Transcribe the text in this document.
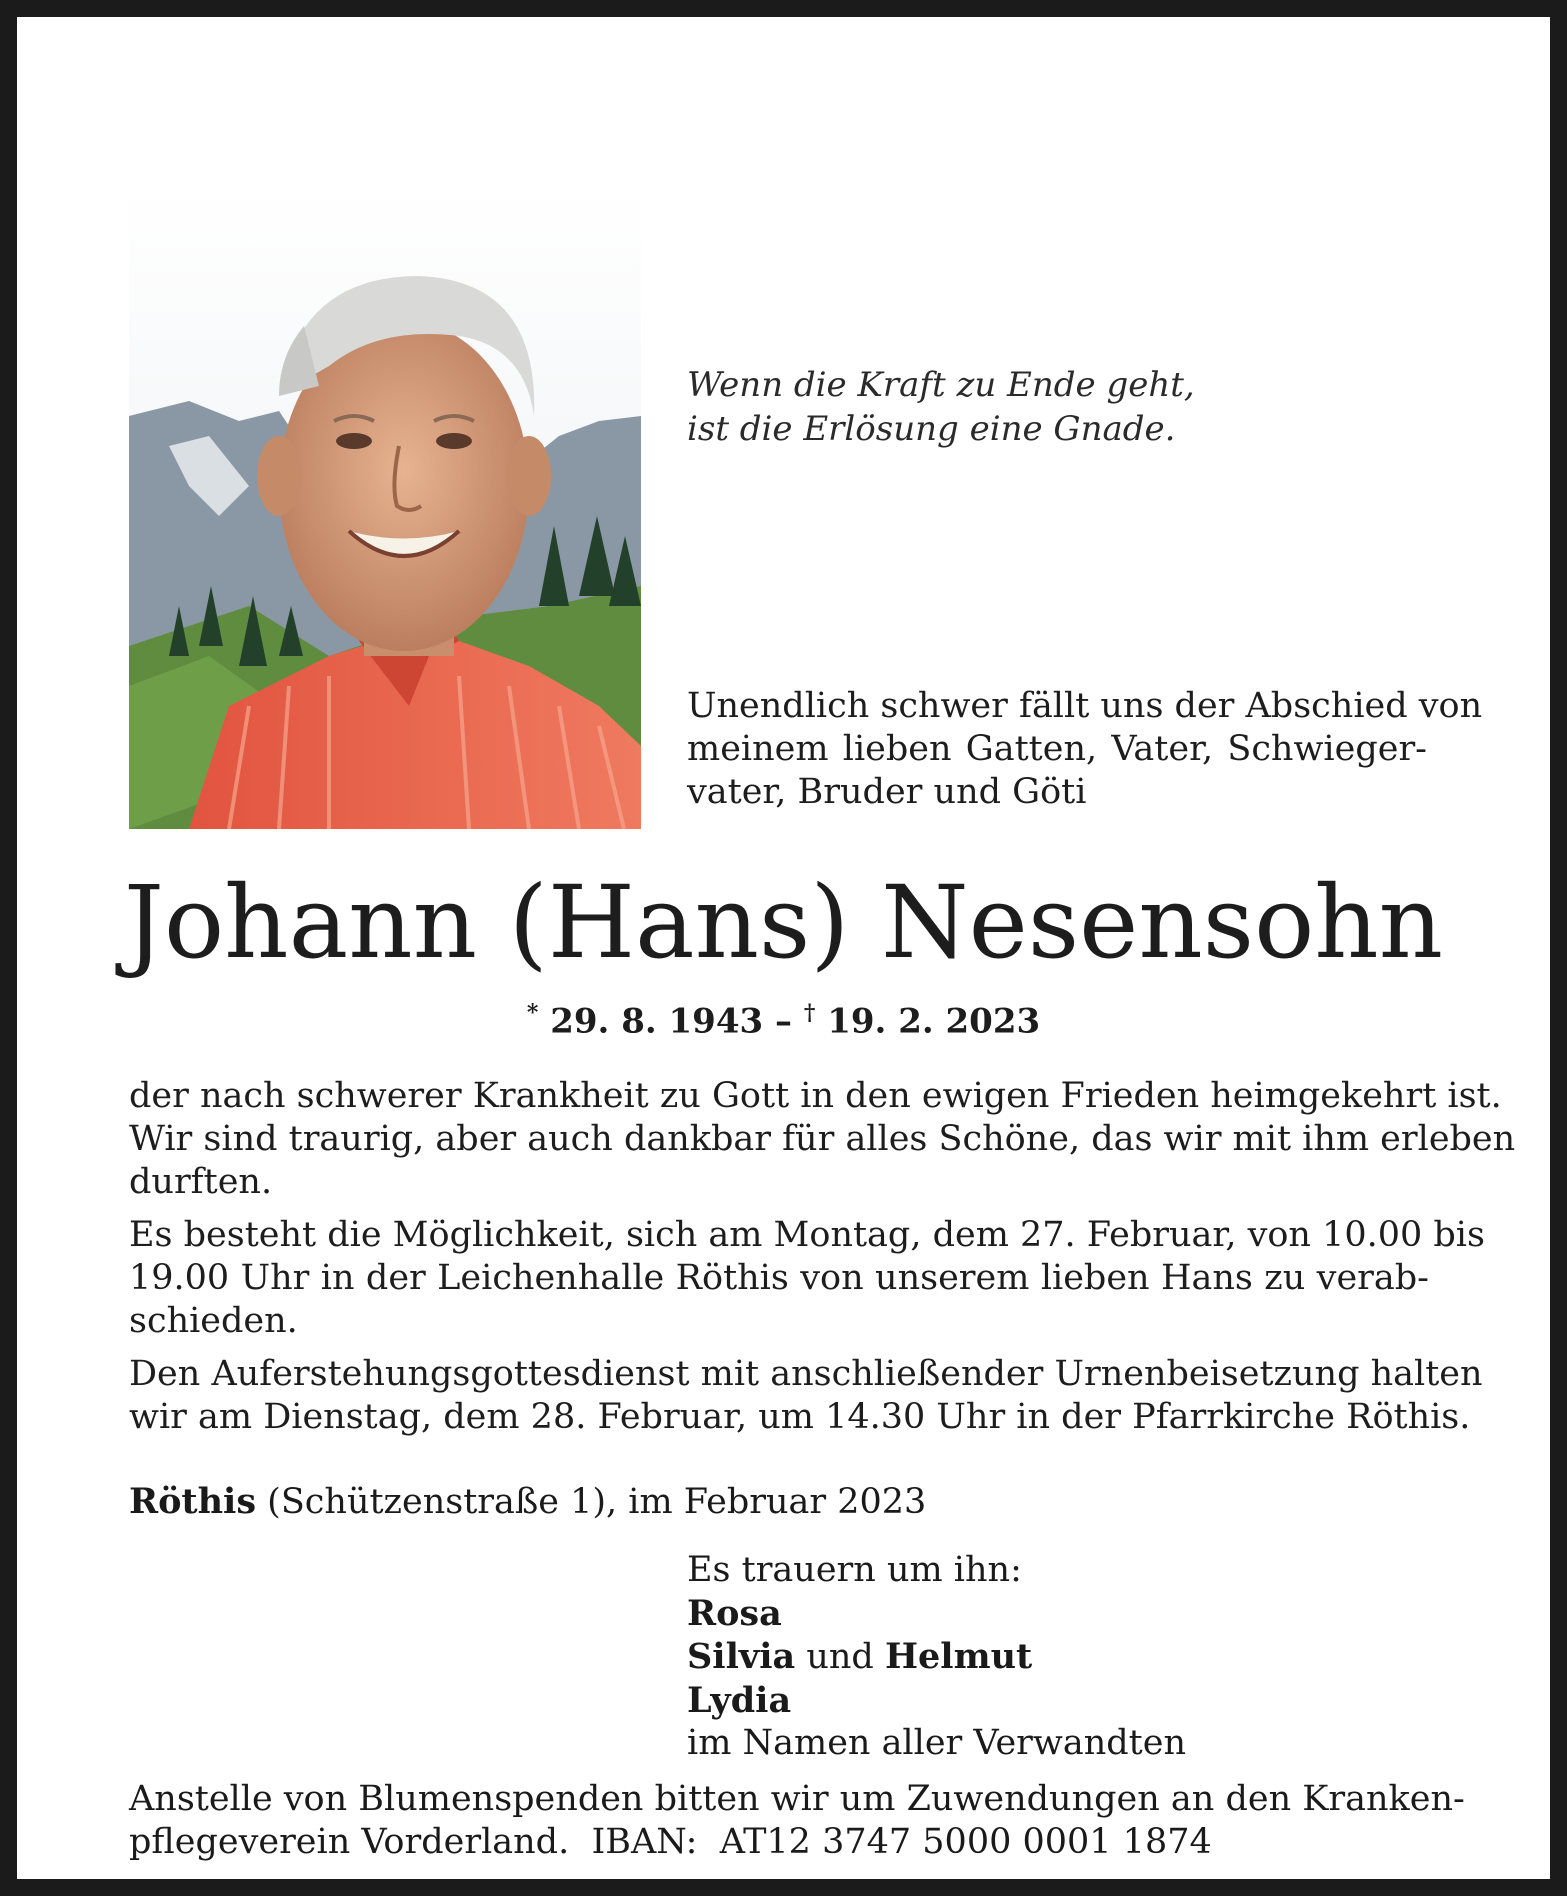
Wenn die Kraft zu Ende geht,
ist die Erlösung eine Gnade.
Unendlich schwer fällt uns der Abschied von
meinem lieben Gatten, Vater, Schwieger-
vater, Bruder und Göti
Johann (Hans) Nesensohn
* 29. 8. 1943 – † 19. 2. 2023

der nach schwerer Krankheit zu Gott in den ewigen Frieden heimgekehrt ist.
Wir sind traurig, aber auch dankbar für alles Schöne, das wir mit ihm erleben
durften.

Es besteht die Möglichkeit, sich am Montag, dem 27. Februar, von 10.00 bis
19.00 Uhr in der Leichenhalle Röthis von unserem lieben Hans zu verab-
schieden.

Den Auferstehungsgottesdienst mit anschließender Urnenbeisetzung halten
wir am Dienstag, dem 28. Februar, um 14.30 Uhr in der Pfarrkirche Röthis.

Röthis (Schützenstraße 1), im Februar 2023
Es trauern um ihn:
Rosa
Silvia und Helmut
Lydia
im Namen aller Verwandten
Anstelle von Blumenspenden bitten wir um Zuwendungen an den Kranken-
pflegeverein Vorderland.  IBAN:  AT12 3747 5000 0001 1874
